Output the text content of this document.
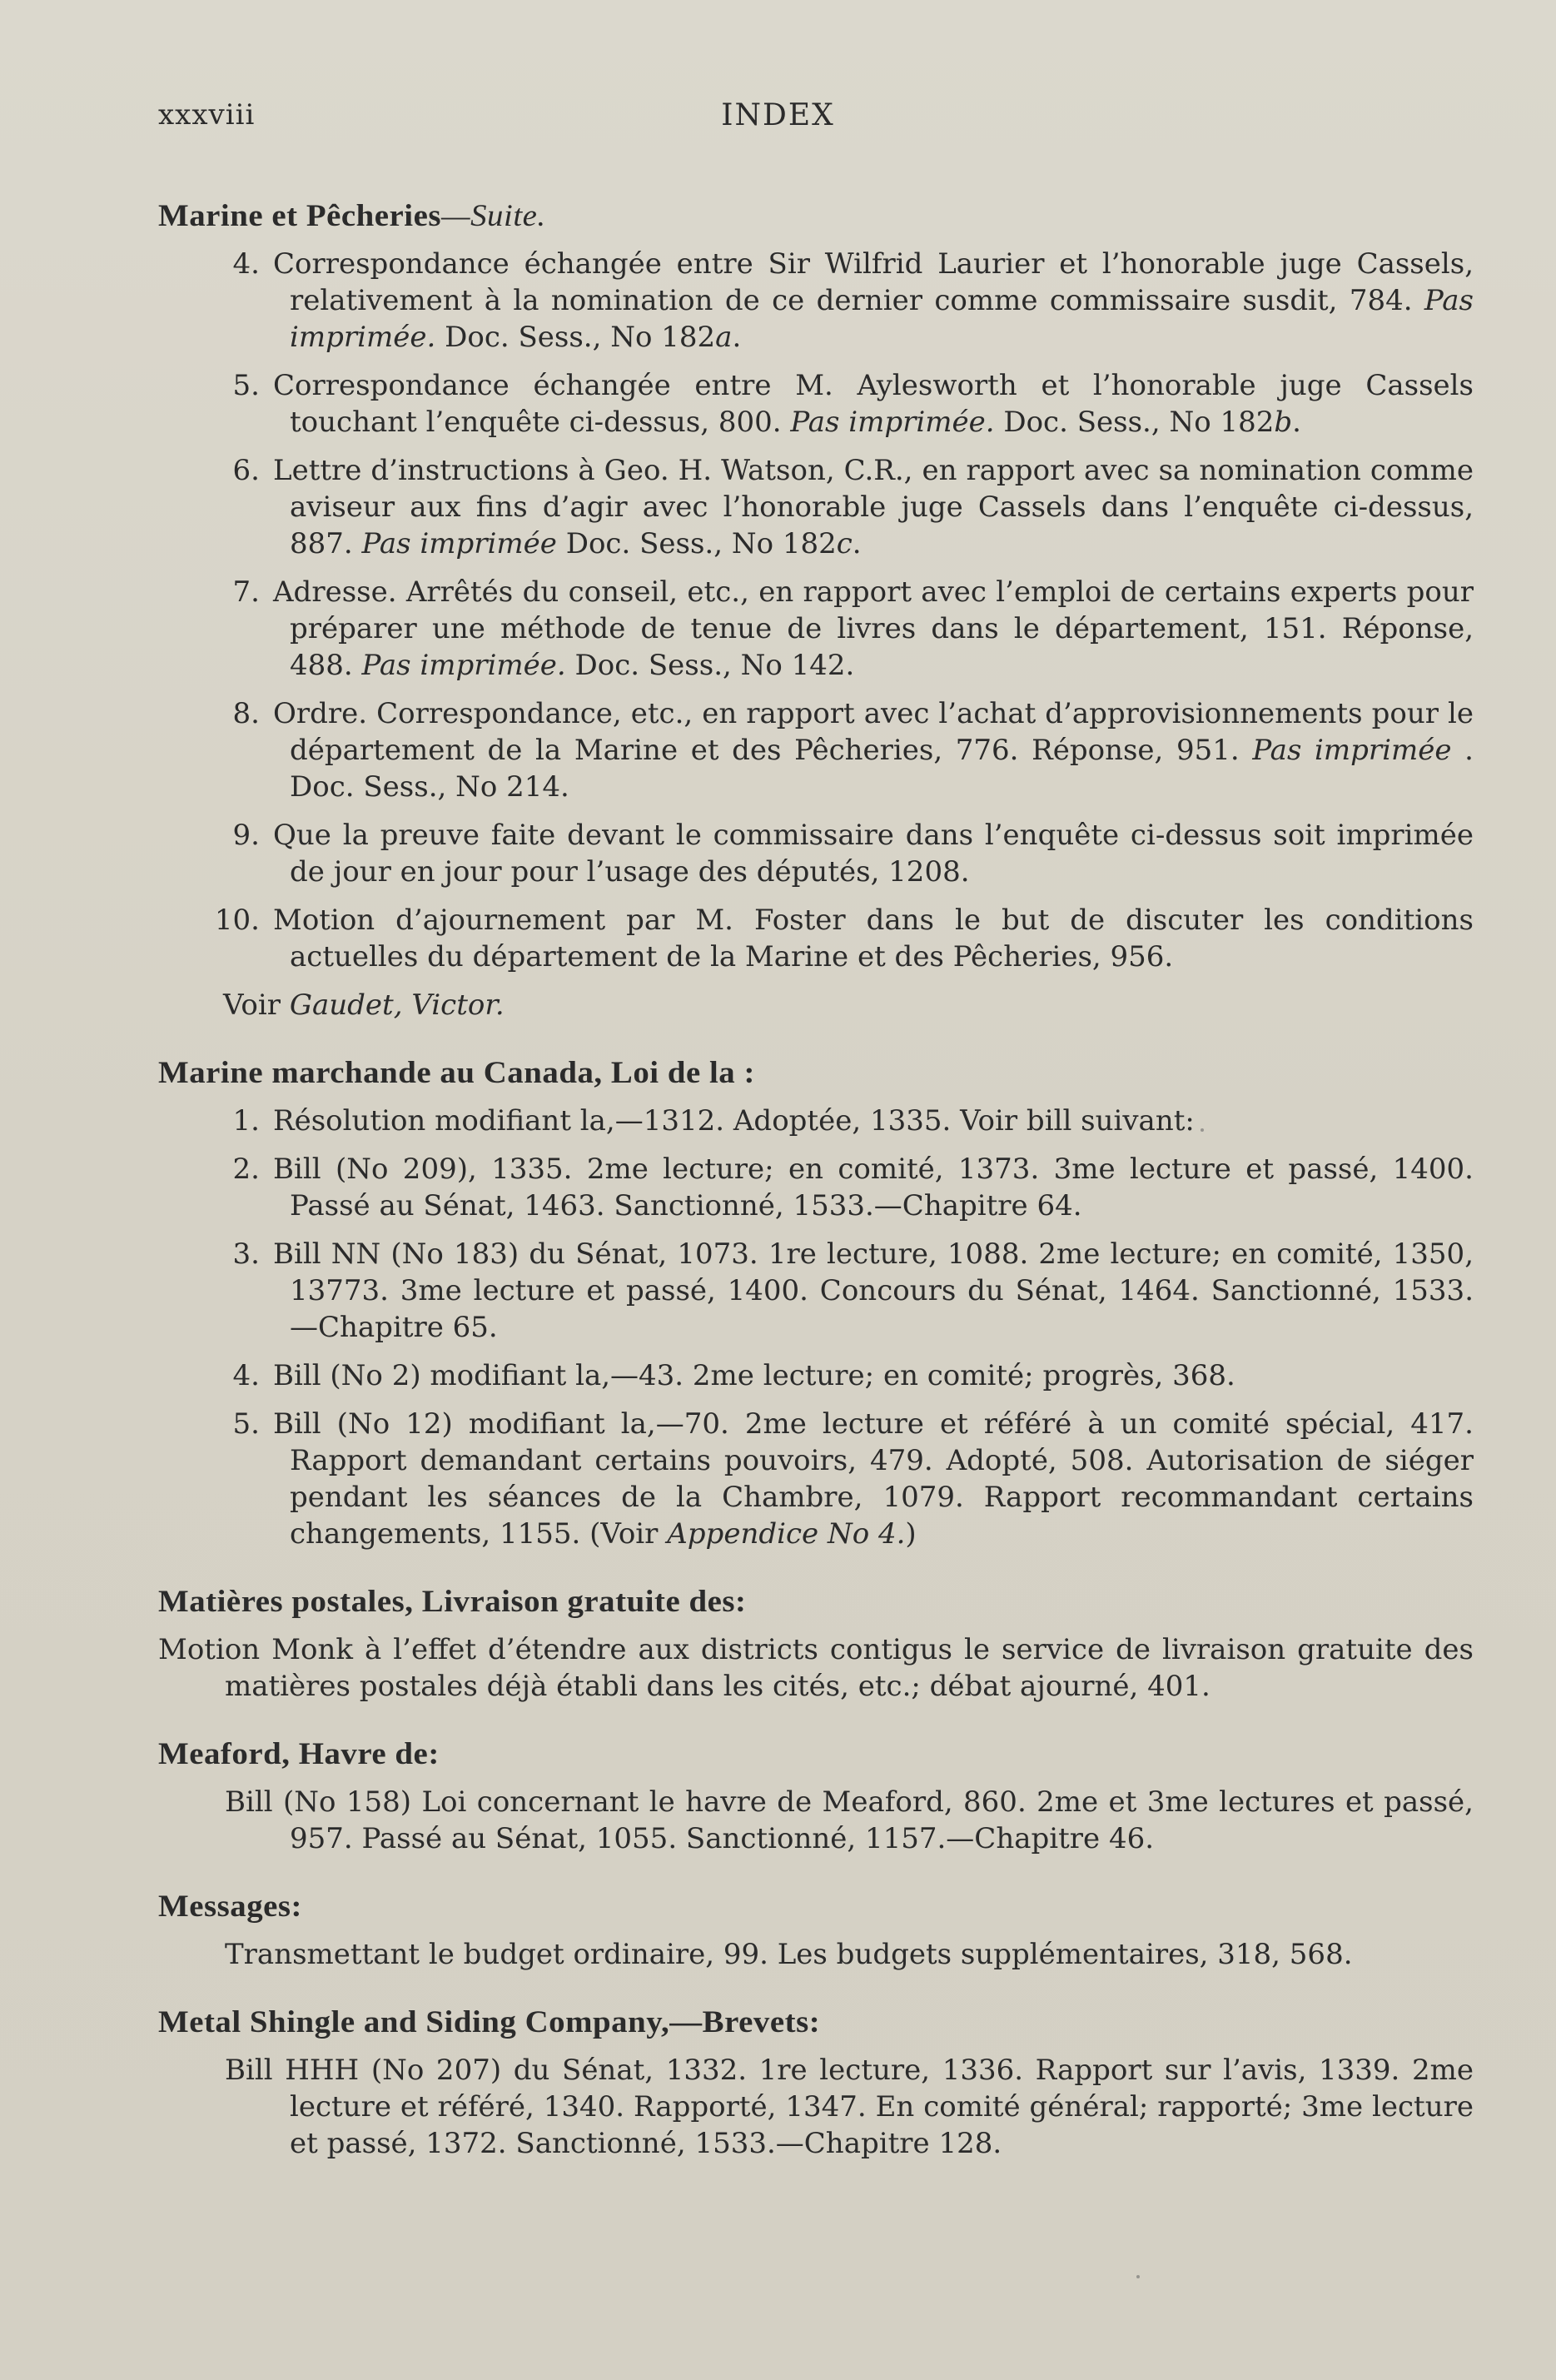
xxxviii	INDEX
Marine et Pêcheries—Suite.
4. Correspondance échangée entre Sir Wilfrid Laurier et l’honorable juge Cassels, relativement à la nomination de ce dernier comme commissaire susdit, 784. Pas imprimée. Doc. Sess., No 182a.
5. Correspondance échangée entre M. Aylesworth et l’honorable juge Cassels touchant l’enquête ci-dessus, 800. Pas imprimée. Doc. Sess., No 182b.
6. Lettre d’instructions à Geo. H. Watson, C.R., en rapport avec sa nomination comme aviseur aux fins d’agir avec l’honorable juge Cassels dans l’enquête ci-dessus, 887. Pas imprimée Doc. Sess., No 182c.
7. Adresse. Arrêtés du conseil, etc., en rapport avec l’emploi de certains experts pour préparer une méthode de tenue de livres dans le département, 151. Réponse, 488. Pas imprimée. Doc. Sess., No 142.
8. Ordre. Correspondance, etc., en rapport avec l’achat d’approvisionnements pour le département de la Marine et des Pêcheries, 776. Réponse, 951. Pas imprimée . Doc. Sess., No 214.
9. Que la preuve faite devant le commissaire dans l’enquête ci-dessus soit imprimée de jour en jour pour l’usage des députés, 1208.
10. Motion d’ajournement par M. Foster dans le but de discuter les conditions actuelles du département de la Marine et des Pêcheries, 956.
Voir Gaudet, Victor.
Marine marchande au Canada, Loi de la :
1. Résolution modifiant la,—1312. Adoptée, 1335. Voir bill suivant:
2. Bill (No 209), 1335. 2me lecture; en comité, 1373. 3me lecture et passé, 1400. Passé au Sénat, 1463. Sanctionné, 1533.—Chapitre 64.
3. Bill NN (No 183) du Sénat, 1073. 1re lecture, 1088. 2me lecture; en comité, 1350, 13773. 3me lecture et passé, 1400. Concours du Sénat, 1464. Sanctionné, 1533.—Chapitre 65.
4. Bill (No 2) modifiant la,—43. 2me lecture; en comité; progrès, 368.
5. Bill (No 12) modifiant la,—70. 2me lecture et référé à un comité spécial, 417. Rapport demandant certains pouvoirs, 479. Adopté, 508. Autorisation de siéger pendant les séances de la Chambre, 1079. Rapport recommandant certains changements, 1155. (Voir Appendice No 4.)
Matières postales, Livraison gratuite des:
Motion Monk à l’effet d’étendre aux districts contigus le service de livraison gratuite des matières postales déjà établi dans les cités, etc.; débat ajourné, 401.
Meaford, Havre de:
Bill (No 158) Loi concernant le havre de Meaford, 860. 2me et 3me lectures et passé, 957. Passé au Sénat, 1055. Sanctionné, 1157.—Chapitre 46.
Messages:
Transmettant le budget ordinaire, 99. Les budgets supplémentaires, 318, 568.
Metal Shingle and Siding Company,—Brevets:
Bill HHH (No 207) du Sénat, 1332. 1re lecture, 1336. Rapport sur l’avis, 1339. 2me lecture et référé, 1340. Rapporté, 1347. En comité général; rapporté; 3me lecture et passé, 1372. Sanctionné, 1533.—Chapitre 128.
